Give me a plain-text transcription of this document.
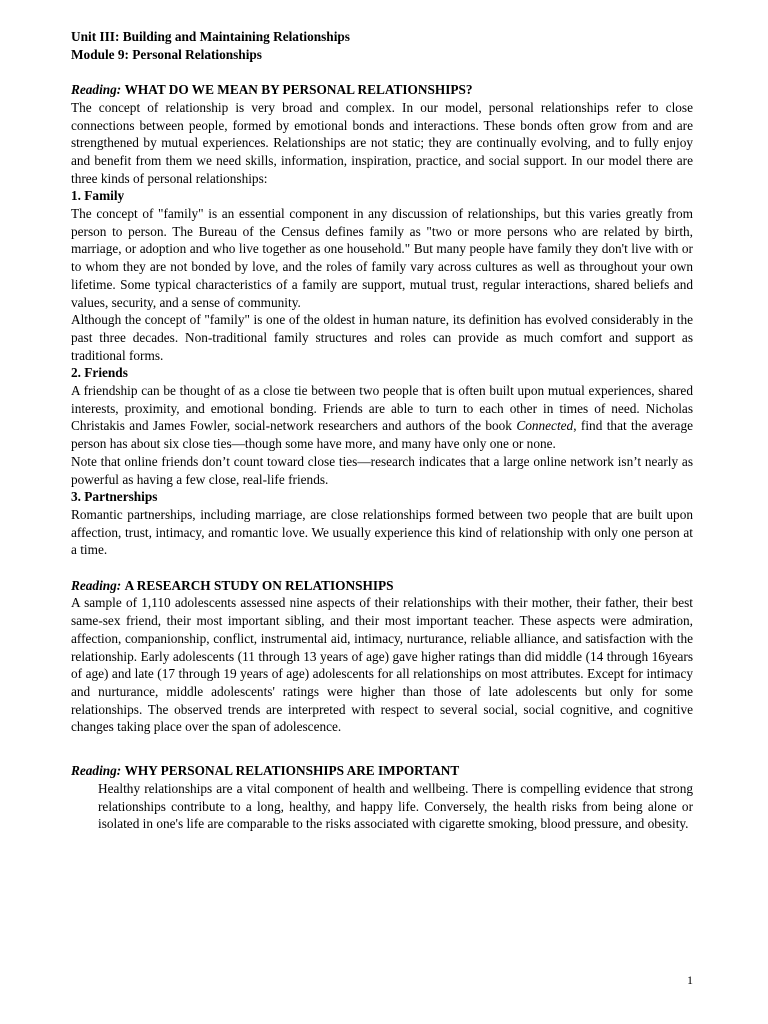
Unit III: Building and Maintaining Relationships

Module 9: Personal Relationships

Reading: WHAT DO WE MEAN BY PERSONAL RELATIONSHIPS?

The concept of relationship is very broad and complex. In our model, personal relationships refer to close connections between people, formed by emotional bonds and interactions. These bonds often grow from and are strengthened by mutual experiences. Relationships are not static; they are continually evolving, and to fully enjoy and benefit from them we need skills, information, inspiration, practice, and social support. In our model there are three kinds of personal relationships:

1. Family

The concept of "family" is an essential component in any discussion of relationships, but this varies greatly from person to person. The Bureau of the Census defines family as "two or more persons who are related by birth, marriage, or adoption and who live together as one household." But many people have family they don't live with or to whom they are not bonded by love, and the roles of family vary across cultures as well as throughout your own lifetime. Some typical characteristics of a family are support, mutual trust, regular interactions, shared beliefs and values, security, and a sense of community.

Although the concept of "family" is one of the oldest in human nature, its definition has evolved considerably in the past three decades. Non-traditional family structures and roles can provide as much comfort and support as traditional forms.

2. Friends

A friendship can be thought of as a close tie between two people that is often built upon mutual experiences, shared interests, proximity, and emotional bonding. Friends are able to turn to each other in times of need. Nicholas Christakis and James Fowler, social-network researchers and authors of the book Connected, find that the average person has about six close ties—though some have more, and many have only one or none.

Note that online friends don’t count toward close ties—research indicates that a large online network isn’t nearly as powerful as having a few close, real-life friends.

3. Partnerships

Romantic partnerships, including marriage, are close relationships formed between two people that are built upon affection, trust, intimacy, and romantic love. We usually experience this kind of relationship with only one person at a time.

Reading: A RESEARCH STUDY ON RELATIONSHIPS

A sample of 1,110 adolescents assessed nine aspects of their relationships with their mother, their father, their best same-sex friend, their most important sibling, and their most important teacher. These aspects were admiration, affection, companionship, conflict, instrumental aid, intimacy, nurturance, reliable alliance, and satisfaction with the relationship. Early adolescents (11 through 13 years of age) gave higher ratings than did middle (14 through 16years of age) and late (17 through 19 years of age) adolescents for all relationships on most attributes. Except for intimacy and nurturance, middle adolescents' ratings were higher than those of late adolescents but only for some relationships. The observed trends are interpreted with respect to several social, social cognitive, and cognitive changes taking place over the span of adolescence.

Reading: WHY PERSONAL RELATIONSHIPS ARE IMPORTANT

Healthy relationships are a vital component of health and wellbeing. There is compelling evidence that strong relationships contribute to a long, healthy, and happy life. Conversely, the health risks from being alone or isolated in one's life are comparable to the risks associated with cigarette smoking, blood pressure, and obesity.

1
